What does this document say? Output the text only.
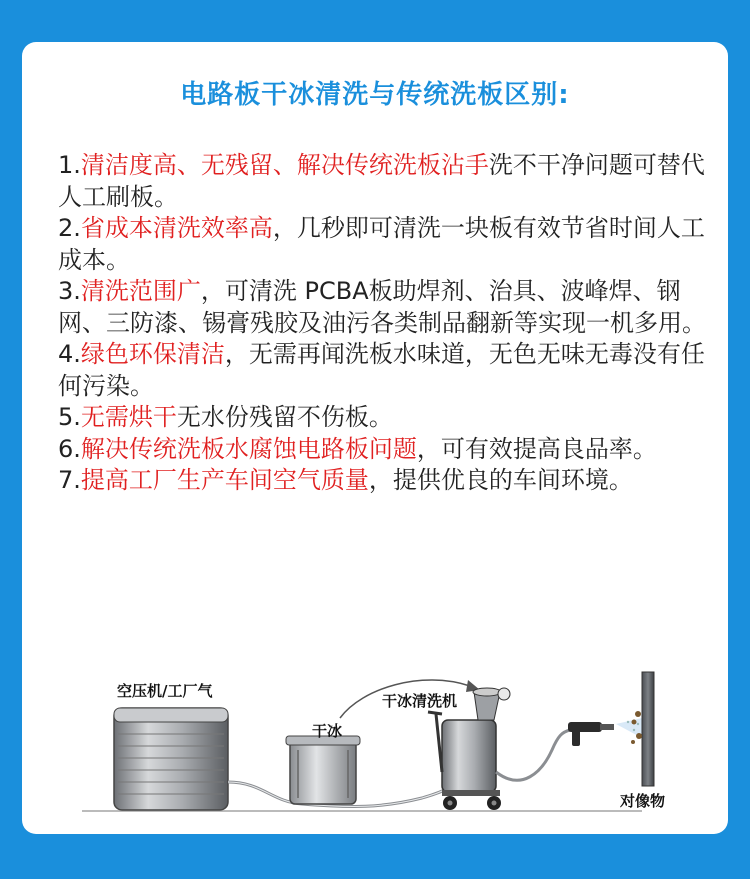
电路板干冰清洗与传统洗板区别:

1.清洁度高、无残留、解决传统洗板沾手洗不干净问题可替代人工刷板。

2.省成本清洗效率高，几秒即可清洗一块板有效节省时间人工成本。

3.清洗范围广，可清洗 PCBA板助焊剂、治具、波峰焊、钢网、三防漆、锡膏残胶及油污各类制品翻新等实现一机多用。

4.绿色环保清洁，无需再闻洗板水味道，无色无味无毒没有任何污染。

5.无需烘干无水份残留不伤板。

6.解决传统洗板水腐蚀电路板问题，可有效提高良品率。

7.提高工厂生产车间空气质量，提供优良的车间环境。

空压机/工厂气
干冰
干冰清洗机
对像物
